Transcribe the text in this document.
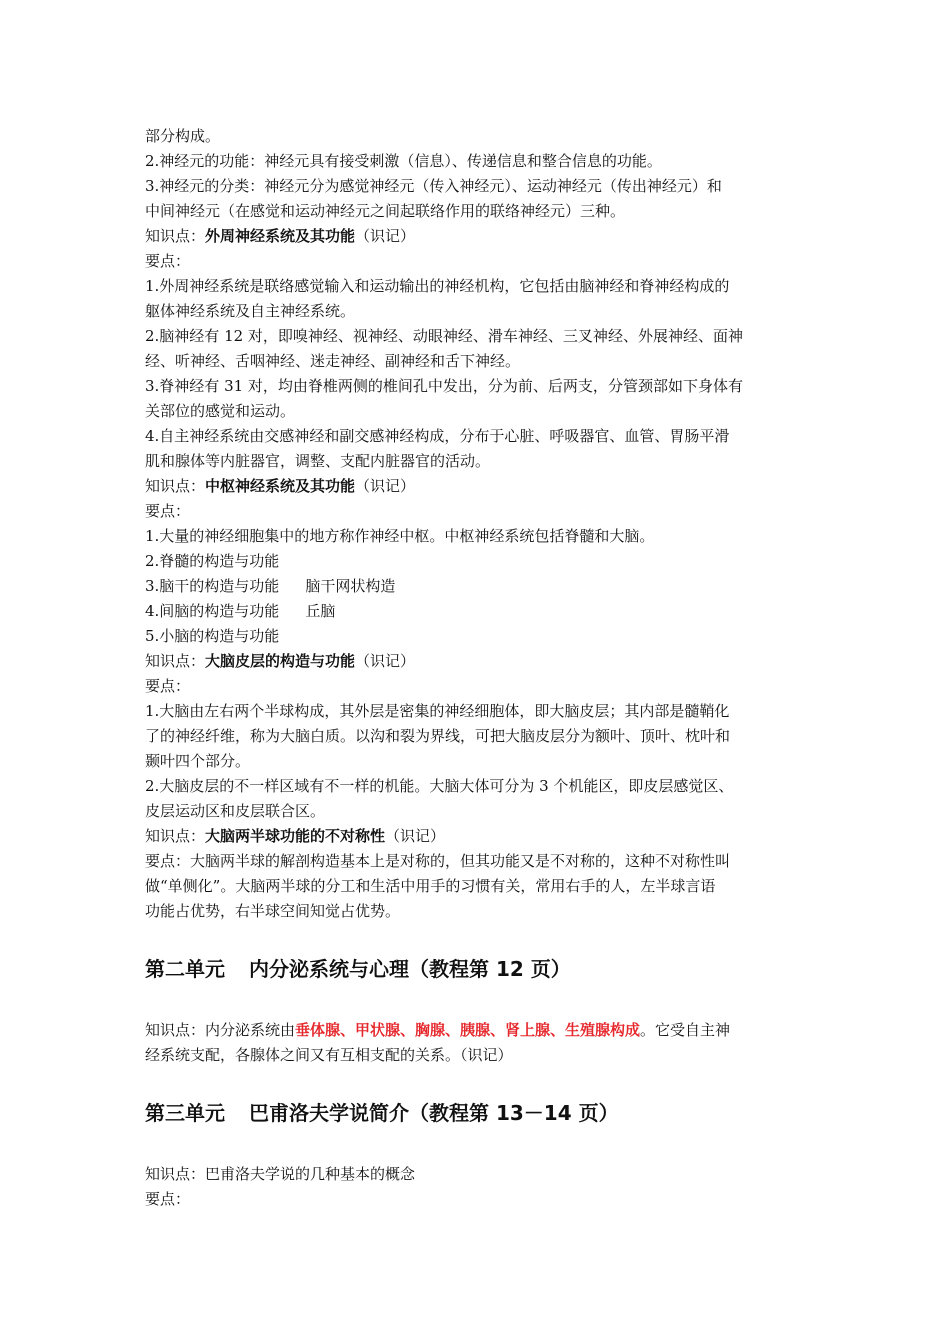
部分构成。
2.神经元的功能：神经元具有接受刺激（信息）、传递信息和整合信息的功能。
3.神经元的分类：神经元分为感觉神经元（传入神经元）、运动神经元（传出神经元）和
中间神经元（在感觉和运动神经元之间起联络作用的联络神经元）三种。
知识点：外周神经系统及其功能（识记）
要点：
1.外周神经系统是联络感觉输入和运动输出的神经机构，它包括由脑神经和脊神经构成的
躯体神经系统及自主神经系统。
2.脑神经有 12 对，即嗅神经、视神经、动眼神经、滑车神经、三叉神经、外展神经、面神
经、听神经、舌咽神经、迷走神经、副神经和舌下神经。
3.脊神经有 31 对，均由脊椎两侧的椎间孔中发出，分为前、后两支，分管颈部如下身体有
关部位的感觉和运动。
4.自主神经系统由交感神经和副交感神经构成，分布于心脏、呼吸器官、血管、胃肠平滑
肌和腺体等内脏器官，调整、支配内脏器官的活动。
知识点：中枢神经系统及其功能（识记）
要点：
1.大量的神经细胞集中的地方称作神经中枢。中枢神经系统包括脊髓和大脑。
2.脊髓的构造与功能
3.脑干的构造与功能 脑干网状构造
4.间脑的构造与功能 丘脑
5.小脑的构造与功能
知识点：大脑皮层的构造与功能（识记）
要点：
1.大脑由左右两个半球构成，其外层是密集的神经细胞体，即大脑皮层；其内部是髓鞘化
了的神经纤维，称为大脑白质。以沟和裂为界线，可把大脑皮层分为额叶、顶叶、枕叶和
颞叶四个部分。
2.大脑皮层的不一样区域有不一样的机能。大脑大体可分为 3 个机能区，即皮层感觉区、
皮层运动区和皮层联合区。
知识点：大脑两半球功能的不对称性（识记）
要点：大脑两半球的解剖构造基本上是对称的，但其功能又是不对称的，这种不对称性叫
做“单侧化”。大脑两半球的分工和生活中用手的习惯有关，常用右手的人，左半球言语
功能占优势，右半球空间知觉占优势。
第二单元 内分泌系统与心理（教程第 12 页）
知识点：内分泌系统由垂体腺、甲状腺、胸腺、胰腺、肾上腺、生殖腺构成。它受自主神
经系统支配，各腺体之间又有互相支配的关系。（识记）
第三单元 巴甫洛夫学说简介（教程第 13－14 页）
知识点：巴甫洛夫学说的几种基本的概念
要点：
